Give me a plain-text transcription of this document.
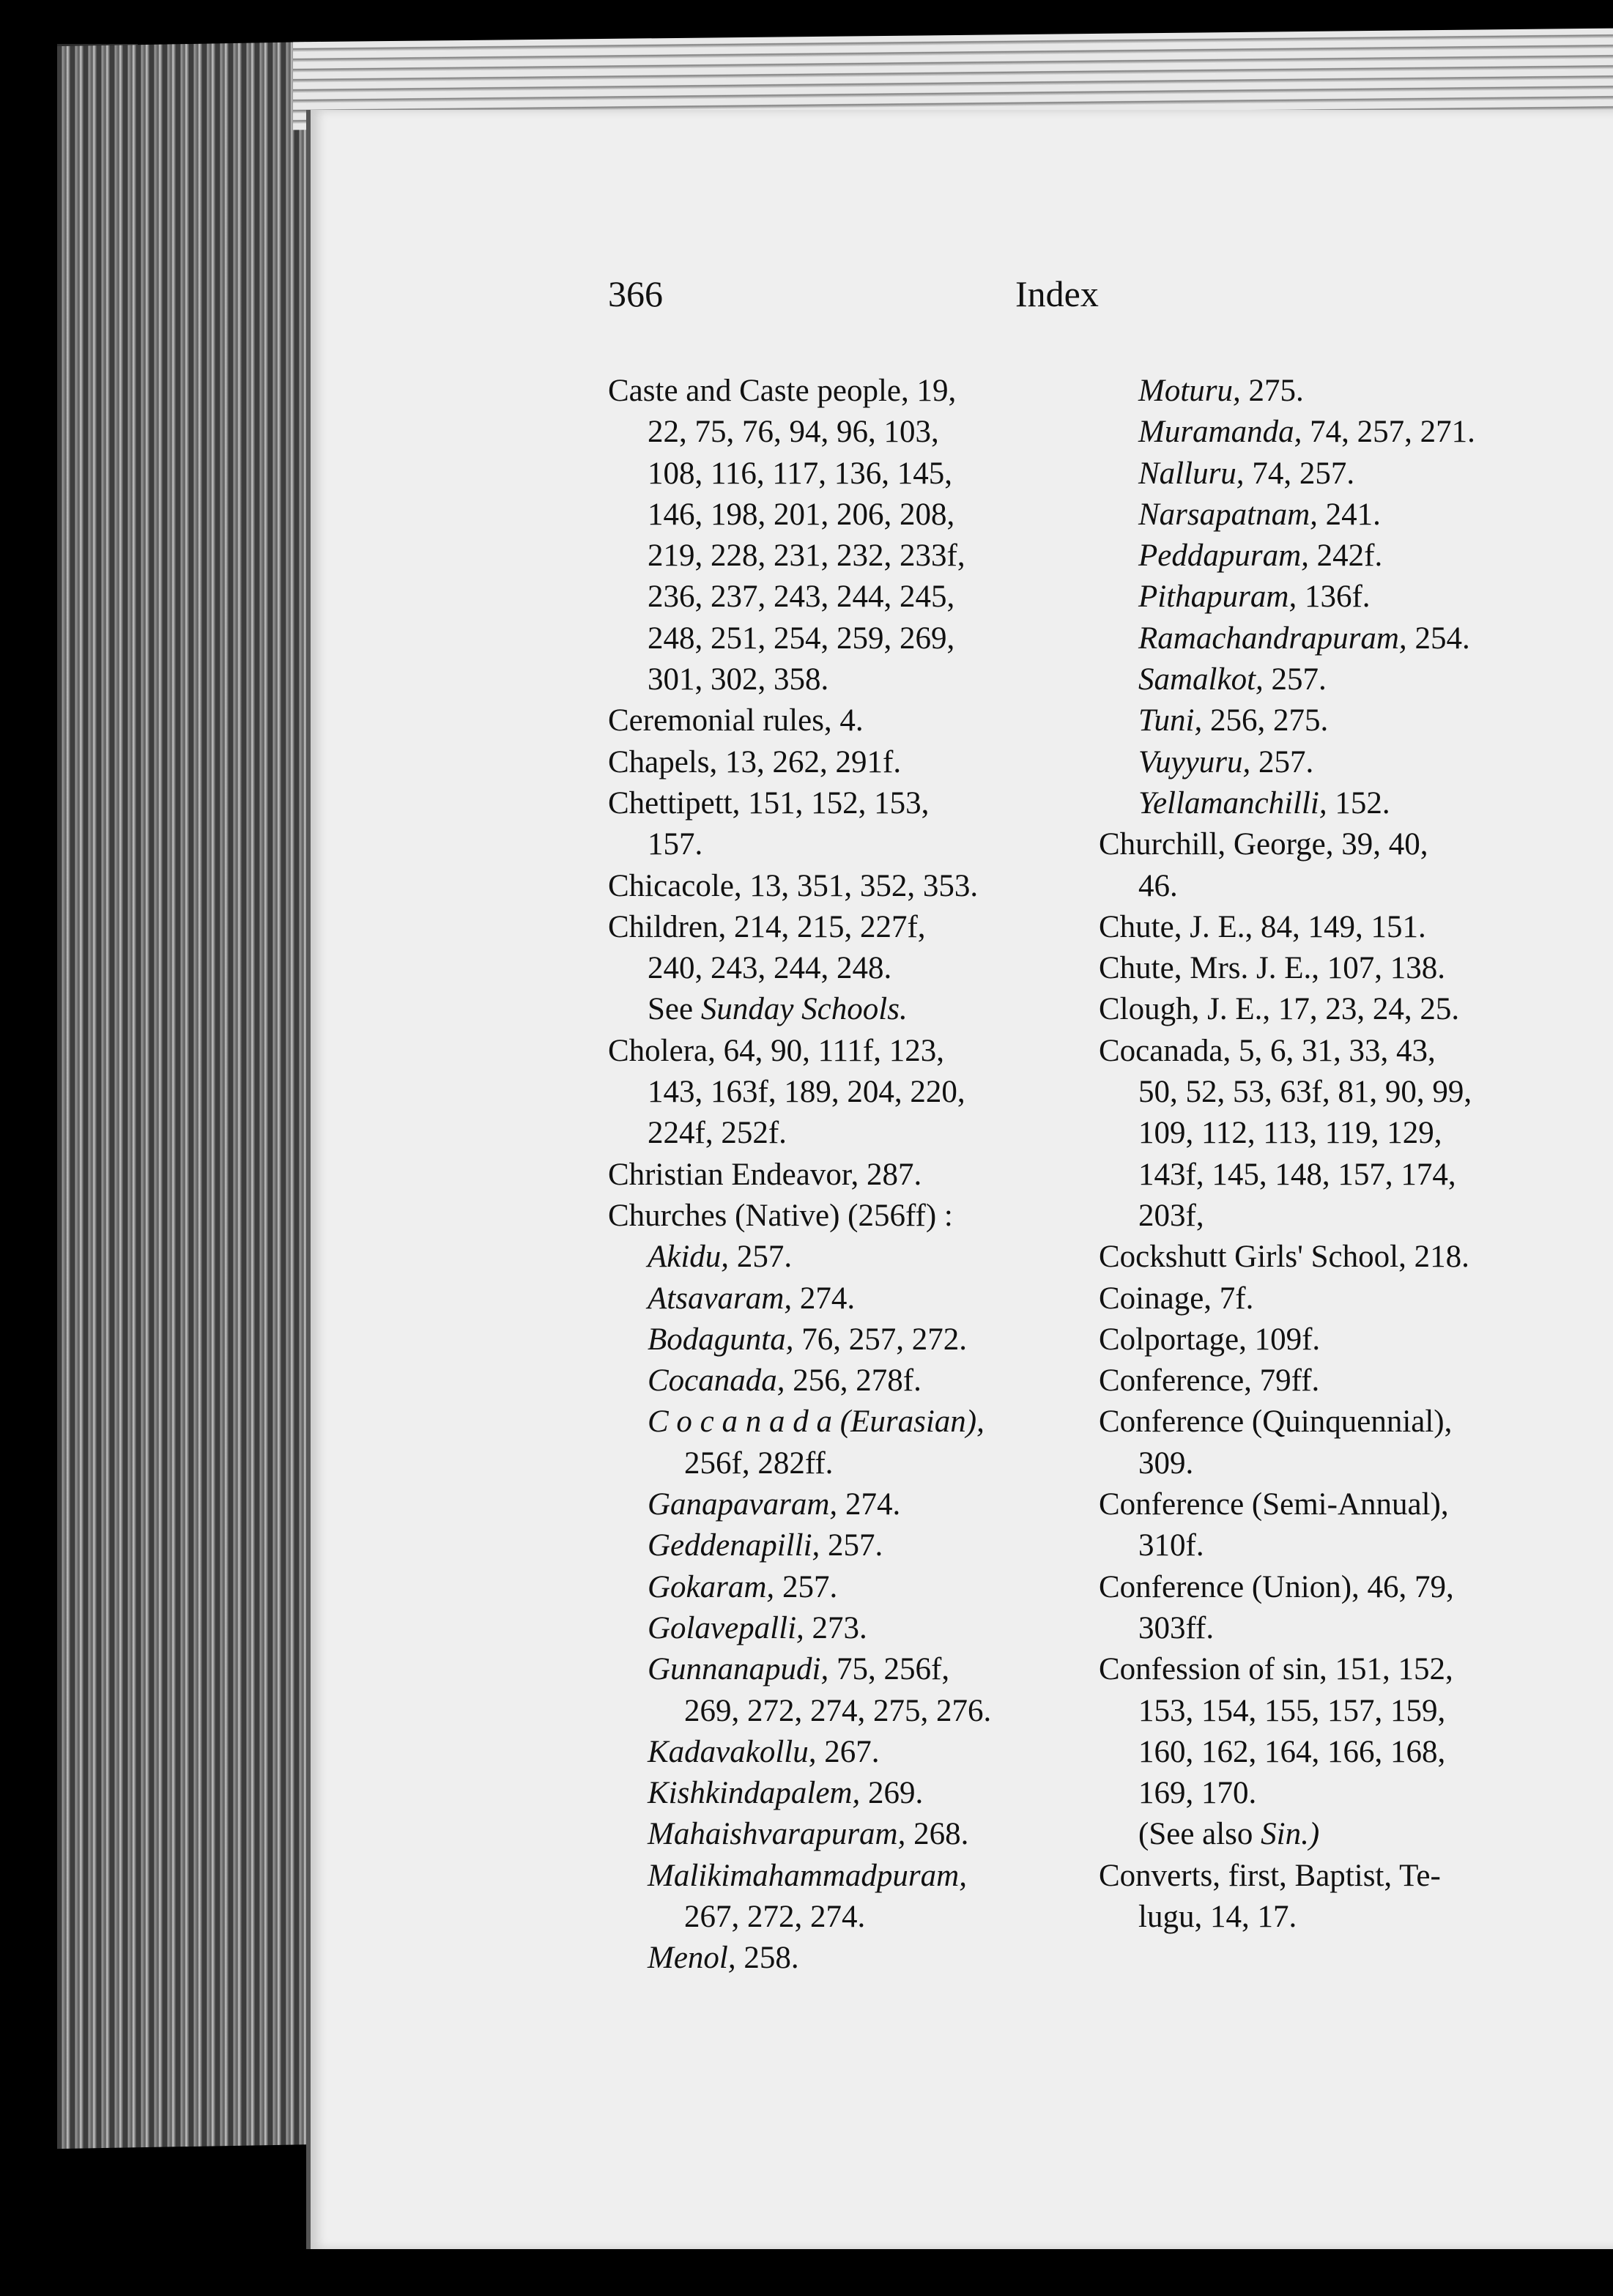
366	Index
Caste and Caste people, 19,
22, 75, 76, 94, 96, 103,
108, 116, 117, 136, 145,
146, 198, 201, 206, 208,
219, 228, 231, 232, 233f,
236, 237, 243, 244, 245,
248, 251, 254, 259, 269,
301, 302, 358.
Ceremonial rules, 4.
Chapels, 13, 262, 291f.
Chettipett, 151, 152, 153,
157.
Chicacole, 13, 351, 352, 353.
Children, 214, 215, 227f,
240, 243, 244, 248.
See Sunday Schools.
Cholera, 64, 90, 111f, 123,
143, 163f, 189, 204, 220,
224f, 252f.
Christian Endeavor, 287.
Churches (Native) (256ff) :
Akidu, 257.
Atsavaram, 274.
Bodagunta, 76, 257, 272.
Cocanada, 256, 278f.
C o c a n a d a (Eurasian),
256f, 282ff.
Ganapavaram, 274.
Geddenapilli, 257.
Gokaram, 257.
Golavepalli, 273.
Gunnanapudi, 75, 256f,
269, 272, 274, 275, 276.
Kadavakollu, 267.
Kishkindapalem, 269.
Mahaishvarapuram, 268.
Malikimahammadpuram,
267, 272, 274.
Menol, 258.
Moturu, 275.
Muramanda, 74, 257, 271.
Nalluru, 74, 257.
Narsapatnam, 241.
Peddapuram, 242f.
Pithapuram, 136f.
Ramachandrapuram, 254.
Samalkot, 257.
Tuni, 256, 275.
Vuyyuru, 257.
Yellamanchilli, 152.
Churchill, George, 39, 40,
46.
Chute, J. E., 84, 149, 151.
Chute, Mrs. J. E., 107, 138.
Clough, J. E., 17, 23, 24, 25.
Cocanada, 5, 6, 31, 33, 43,
50, 52, 53, 63f, 81, 90, 99,
109, 112, 113, 119, 129,
143f, 145, 148, 157, 174,
203f,
Cockshutt Girls' School, 218.
Coinage, 7f.
Colportage, 109f.
Conference, 79ff.
Conference (Quinquennial),
309.
Conference (Semi-Annual),
310f.
Conference (Union), 46, 79,
303ff.
Confession of sin, 151, 152,
153, 154, 155, 157, 159,
160, 162, 164, 166, 168,
169, 170.
(See also Sin.)
Converts, first, Baptist, Te-
lugu, 14, 17.
